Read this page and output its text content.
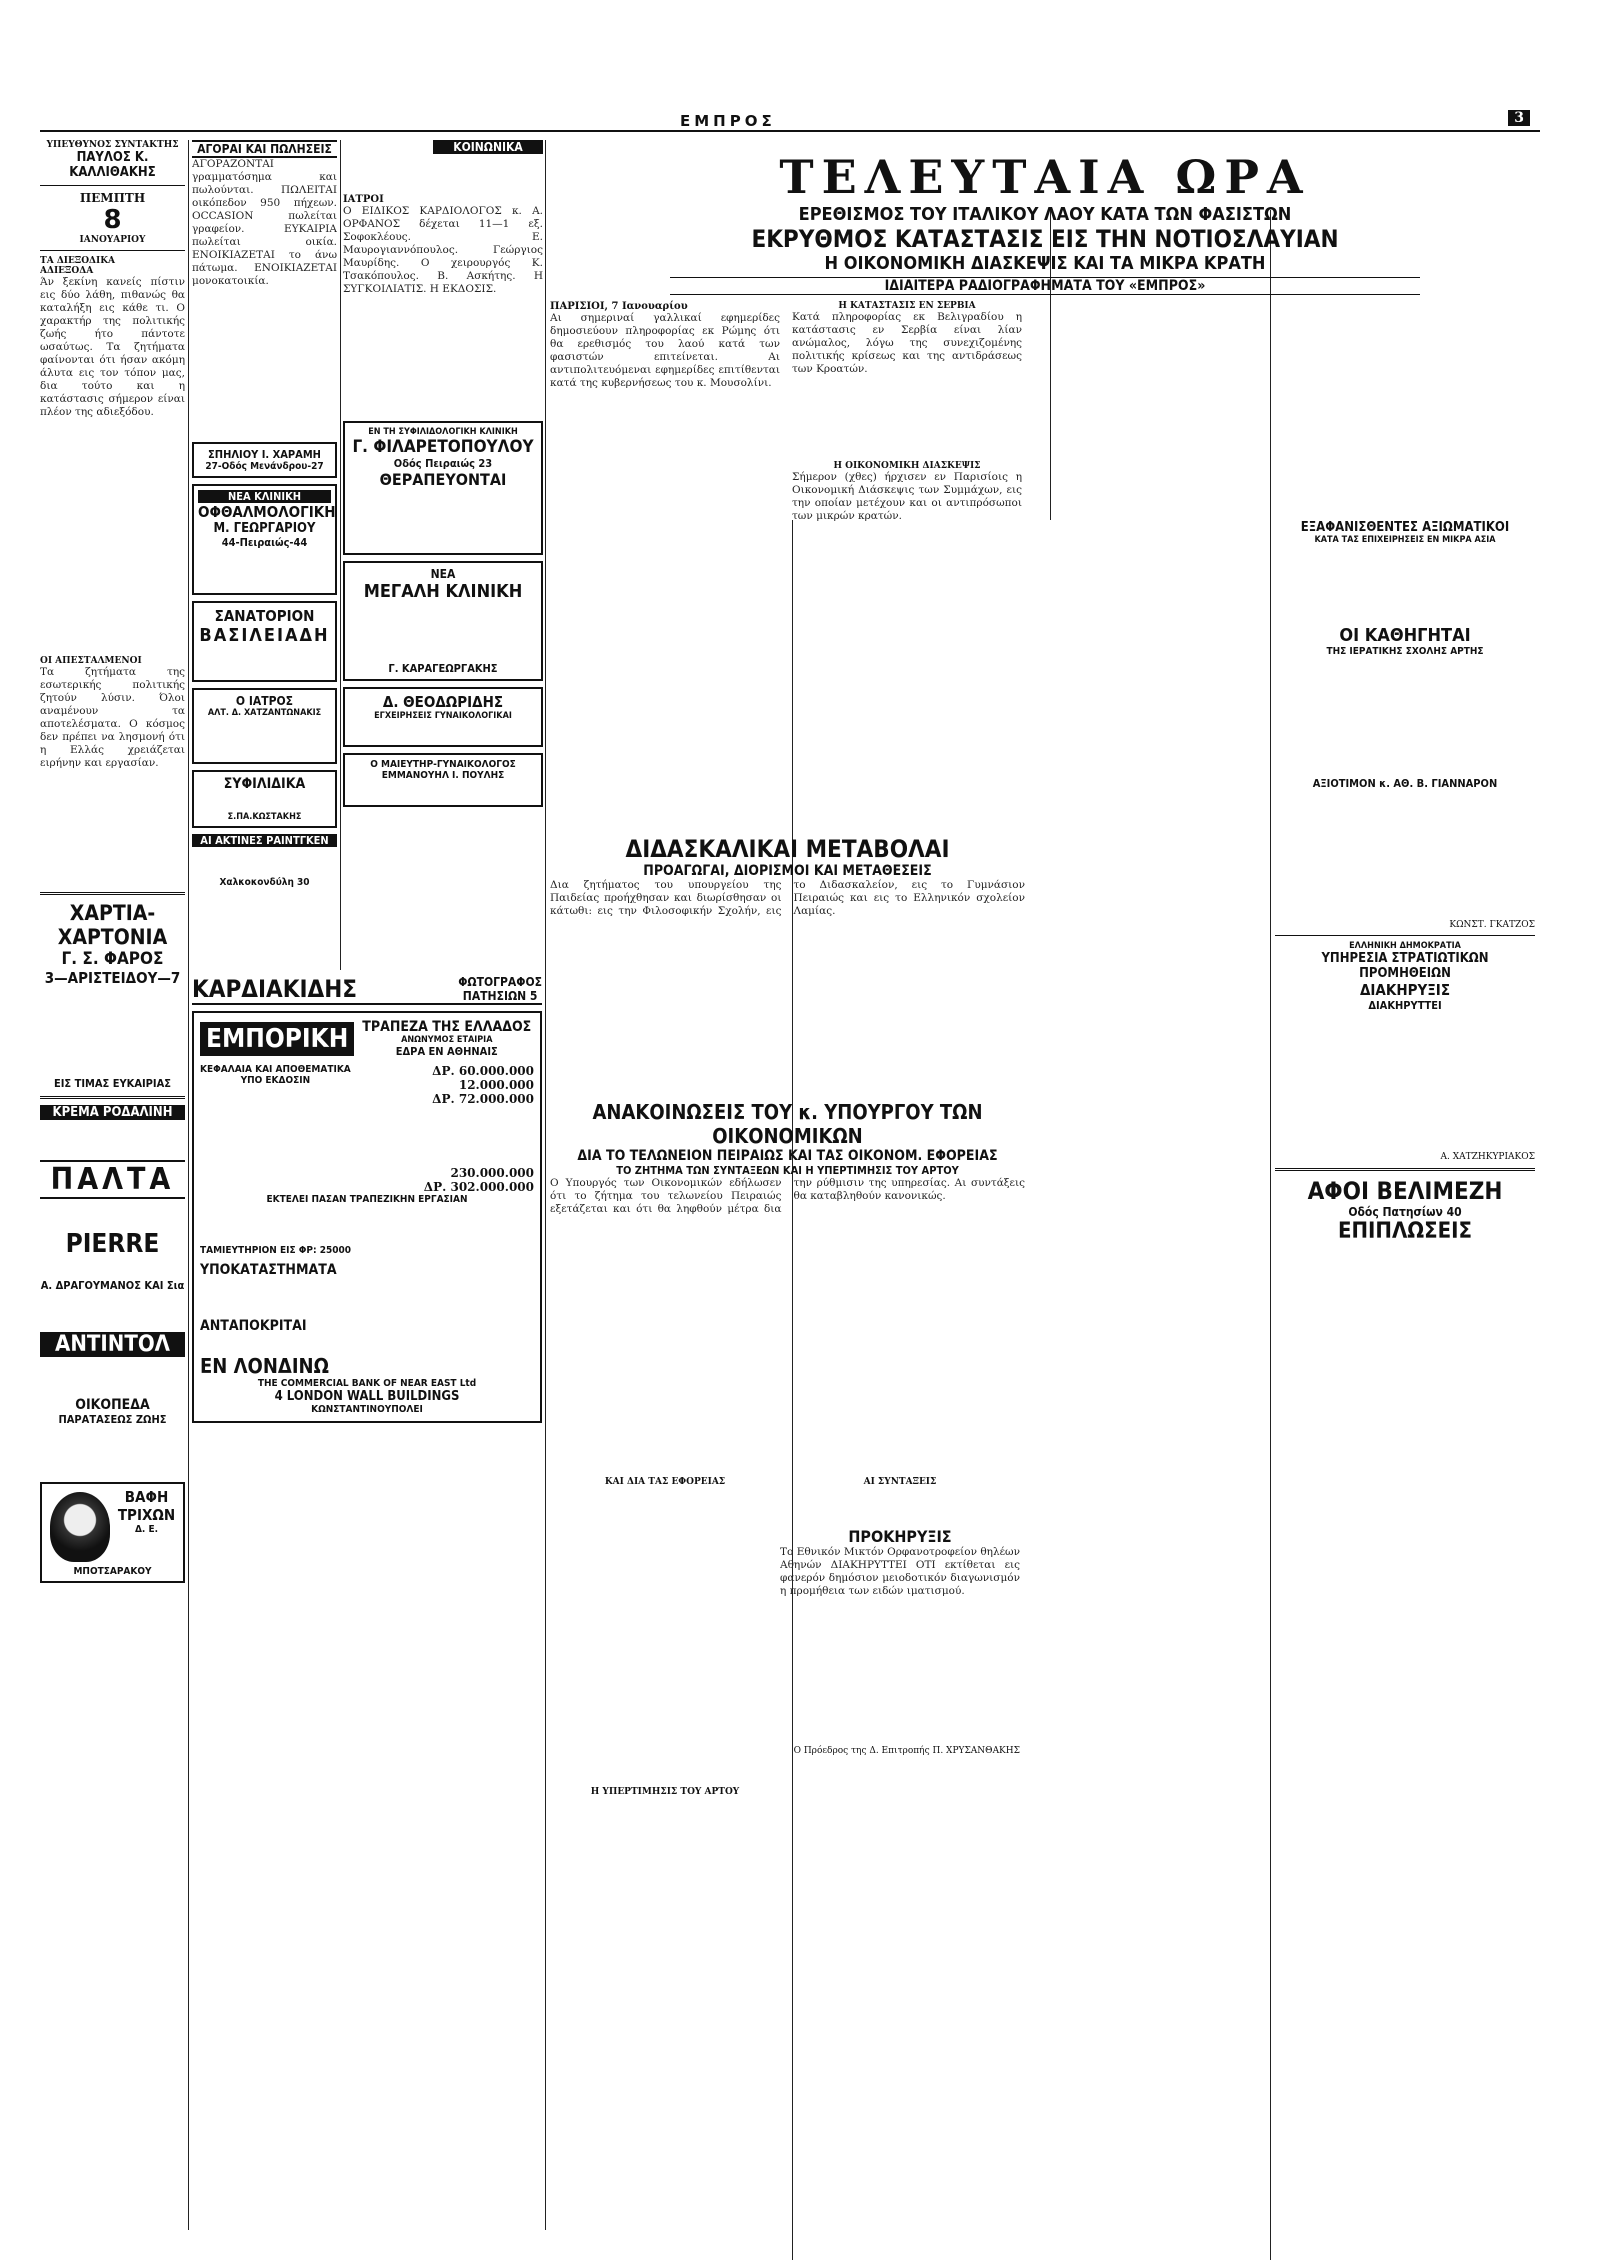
ΕΜΠΡΟΣ	3
ΥΠΕΥΘΥΝΟΣ ΣΥΝΤΑΚΤΗΣ
ΠΑΥΛΟΣ Κ. ΚΑΛΛΙΘΑΚΗΣ
ΠΕΜΠΤΗ
8
ΙΑΝΟΥΑΡΙΟΥ
ΤΑ ΔΙΕΞΟΔΙΚΑ
ΑΔΙΕΞΟΔΑ
Άν ξεκίνη κανείς πίστιν εις δύο λάθη, πιθανώς θα καταλήξη εις κάθε τι. Ο χαρακτήρ της πολιτικής ζωής ήτο πάντοτε ωσαύτως. Τα ζητήματα φαίνονται ότι ήσαν ακόμη άλυτα εις τον τόπον μας, δια τούτο και η κατάστασις σήμερον είναι πλέον της αδιεξόδου.
ΟΙ ΑΠΕΣΤΑΛΜΕΝΟΙ
Τα ζητήματα της εσωτερικής πολιτικής ζητούν λύσιν. Όλοι αναμένουν τα αποτελέσματα. Ο κόσμος δεν πρέπει να λησμονή ότι η Ελλάς χρειάζεται ειρήνην και εργασίαν.
ΧΑΡΤΙΑ-ΧΑΡΤΟΝΙΑ
Γ. Σ. ΦΑΡΟΣ
3—ΑΡΙΣΤΕΙΔΟΥ—7
ΕΙΣ ΤΙΜΑΣ ΕΥΚΑΙΡΙΑΣ
ΚΡΕΜΑ ΡΟΔΑΛΙΝΗ
ΠΑΛΤΑ
PIERRE
Α. ΔΡΑΓΟΥΜΑΝΟΣ ΚΑΙ Σια
ΑΝΤΙΝΤΟΛ
ΟΙΚΟΠΕΔΑ
ΠΑΡΑΤΑΣΕΩΣ ΖΩΗΣ
ΒΑΦΗ ΤΡΙΧΩΝ
Δ. Ε. ΜΠΟΤΣΑΡΑΚΟΥ
ΑΓΟΡΑΙ ΚΑΙ ΠΩΛΗΣΕΙΣ
ΑΓΟΡΑΖΟΝΤΑΙ γραμματόσημα και πωλούνται. ΠΩΛΕΙΤΑΙ οικόπεδον 950 πήχεων. OCCASION πωλείται γραφείον. ΕΥΚΑΙΡΙΑ πωλείται οικία. ΕΝΟΙΚΙΑΖΕΤΑΙ το άνω πάτωμα. ΕΝΟΙΚΙΑΖΕΤΑΙ μονοκατοικία.
ΣΠΗΛΙΟΥ Ι. ΧΑΡΑΜΗ
27-Οδός Μενάνδρου-27
ΝΕΑ ΚΛΙΝΙΚΗ
ΟΦΘΑΛΜΟΛΟΓΙΚΗ
Μ. ΓΕΩΡΓΑΡΙΟΥ
44-Πειραιώς-44
ΣΑΝΑΤΟΡΙΟΝ
ΒΑΣΙΛΕΙΑΔΗ
Ο ΙΑΤΡΟΣ
ΑΛΤ. Δ. ΧΑΤΖΑΝΤΩΝΑΚΙΣ
ΣΥΦΙΛΙΔΙΚΑ
Σ.ΠΑ.ΚΩΣΤΑΚΗΣ
ΑΙ ΑΚΤΙΝΕΣ ΡΑΙΝΤΓΚΕΝ
Χαλκοκονδύλη 30
ΚΟΙΝΩΝΙΚΑ
ΙΑΤΡΟΙ
Ο ΕΙΔΙΚΟΣ ΚΑΡΔΙΟΛΟΓΟΣ κ. Α. ΟΡΦΑΝΟΣ δέχεται 11—1 εξ. Σοφοκλέους. Ε. Μαυρογιαννόπουλος. Γεώργιος Μαυρίδης. Ο χειρουργός Κ. Τσακόπουλος. Β. Ασκήτης. Η ΣΥΓΚΟΙΛΙΑΤΙΣ. Η ΕΚΔΟΣΙΣ.
ΕΝ ΤΗ ΣΥΦΙΛΙΔΟΛΟΓΙΚΗ ΚΛΙΝΙΚΗ
Γ. ΦΙΛΑΡΕΤΟΠΟΥΛΟΥ
Οδός Πειραιώς 23
ΘΕΡΑΠΕΥΟΝΤΑΙ
ΝΕΑ
ΜΕΓΑΛΗ ΚΛΙΝΙΚΗ
Γ. ΚΑΡΑΓΕΩΡΓΑΚΗΣ
Δ. ΘΕΟΔΩΡΙΔΗΣ
ΕΓΧΕΙΡΗΣΕΙΣ ΓΥΝΑΙΚΟΛΟΓΙΚΑΙ
Ο ΜΑΙΕΥΤΗΡ-ΓΥΝΑΙΚΟΛΟΓΟΣ
ΕΜΜΑΝΟΥΗΛ Ι. ΠΟΥΛΗΣ
ΚΑΡΔΙΑΚΙΔΗΣ	ΦΩΤΟΓΡΑΦΟΣ
ΠΑΤΗΣΙΩΝ 5
ΕΜΠΟΡΙΚΗ	ΤΡΑΠΕΖΑ ΤΗΣ ΕΛΛΑΔΟΣ
ΑΝΩΝΥΜΟΣ ΕΤΑΙΡΙΑ
ΕΔΡΑ ΕΝ ΑΘΗΝΑΙΣ
ΚΕΦΑΛΑΙΑ ΚΑΙ ΑΠΟΘΕΜΑΤΙΚΑ
ΥΠΟ ΕΚΔΟΣΙΝ
ΔΡ. 60.000.000
12.000.000
ΔΡ. 72.000.000
230.000.000
ΔΡ. 302.000.000
ΕΚΤΕΛΕΙ ΠΑΣΑΝ ΤΡΑΠΕΖΙΚΗΝ ΕΡΓΑΣΙΑΝ
ΤΑΜΙΕΥΤΗΡΙΟΝ ΕΙΣ ΦΡ: 25000
ΥΠΟΚΑΤΑΣΤΗΜΑΤΑ
ΑΝΤΑΠΟΚΡΙΤΑΙ
ΕΝ ΛΟΝΔΙΝΩ
THE COMMERCIAL BANK OF NEAR EAST Ltd
4 LONDON WALL BUILDINGS
ΚΩΝΣΤΑΝΤΙΝΟΥΠΟΛΕΙ
ΤΕΛΕΥΤΑΙΑ ΩΡΑ
ΕΡΕΘΙΣΜΟΣ ΤΟΥ ΙΤΑΛΙΚΟΥ ΛΑΟΥ ΚΑΤΑ ΤΩΝ ΦΑΣΙΣΤΩΝ
ΕΚΡΥΘΜΟΣ ΚΑΤΑΣΤΑΣΙΣ ΕΙΣ ΤΗΝ ΝΟΤΙΟΣΛΑΥΙΑΝ
Η ΟΙΚΟΝΟΜΙΚΗ ΔΙΑΣΚΕΨΙΣ ΚΑΙ ΤΑ ΜΙΚΡΑ ΚΡΑΤΗ
ΙΔΙΑΙΤΕΡΑ ΡΑΔΙΟΓΡΑΦΗΜΑΤΑ ΤΟΥ «ΕΜΠΡΟΣ»
ΠΑΡΙΣΙΟΙ, 7 Ιανουαρίου
Αι σημεριναί γαλλικαί εφημερίδες δημοσιεύουν πληροφορίας εκ Ρώμης ότι θα ερεθισμός του λαού κατά των φασιστών επιτείνεται. Αι αντιπολιτευόμεναι εφημερίδες επιτίθενται κατά της κυβερνήσεως του κ. Μουσολίνι.
Η ΚΑΤΑΣΤΑΣΙΣ ΕΝ ΣΕΡΒΙΑ
Κατά πληροφορίας εκ Βελιγραδίου η κατάστασις εν Σερβία είναι λίαν ανώμαλος, λόγω της συνεχιζομένης πολιτικής κρίσεως και της αντιδράσεως των Κροατών.
Η ΟΙΚΟΝΟΜΙΚΗ ΔΙΑΣΚΕΨΙΣ
Σήμερον (χθες) ήρχισεν εν Παρισίοις η Οικονομική Διάσκεψις των Συμμάχων, εις την οποίαν μετέχουν και οι αντιπρόσωποι των μικρών κρατών.
ΔΙΔΑΣΚΑΛΙΚΑΙ ΜΕΤΑΒΟΛΑΙ
ΠΡΟΑΓΩΓΑΙ, ΔΙΟΡΙΣΜΟΙ ΚΑΙ ΜΕΤΑΘΕΣΕΙΣ
Δια ζητήματος του υπουργείου της Παιδείας προήχθησαν και διωρίσθησαν οι κάτωθι: εις την Φιλοσοφικήν Σχολήν, εις το Διδασκαλείον, εις το Γυμνάσιον Πειραιώς και εις το Ελληνικόν σχολείον Λαμίας.
ΑΝΑΚΟΙΝΩΣΕΙΣ ΤΟΥ κ. ΥΠΟΥΡΓΟΥ ΤΩΝ ΟΙΚΟΝΟΜΙΚΩΝ
ΔΙΑ ΤΟ ΤΕΛΩΝΕΙΟΝ ΠΕΙΡΑΙΩΣ ΚΑΙ ΤΑΣ ΟΙΚΟΝΟΜ. ΕΦΟΡΕΙΑΣ
ΤΟ ΖΗΤΗΜΑ ΤΩΝ ΣΥΝΤΑΞΕΩΝ ΚΑΙ Η ΥΠΕΡΤΙΜΗΣΙΣ ΤΟΥ ΑΡΤΟΥ
Ο Υπουργός των Οικονομικών εδήλωσεν ότι το ζήτημα του τελωνείου Πειραιώς εξετάζεται και ότι θα ληφθούν μέτρα δια την ρύθμισιν της υπηρεσίας. Αι συντάξεις θα καταβληθούν κανονικώς.
ΚΑΙ ΔΙΑ ΤΑΣ ΕΦΟΡΕΙΑΣ
Η ΥΠΕΡΤΙΜΗΣΙΣ ΤΟΥ ΑΡΤΟΥ
ΑΙ ΣΥΝΤΑΞΕΙΣ
ΠΡΟΚΗΡΥΞΙΣ
Το Εθνικόν Μικτόν Ορφανοτροφείον θηλέων Αθηνών ΔΙΑΚΗΡΥΤΤΕΙ ΟΤΙ εκτίθεται εις φανερόν δημόσιον μειοδοτικόν διαγωνισμόν η προμήθεια των ειδών ιματισμού.
Ο Πρόεδρος της Δ. Επιτροπής Π. ΧΡΥΣΑΝΘΑΚΗΣ
ΕΞΑΦΑΝΙΣΘΕΝΤΕΣ ΑΞΙΩΜΑΤΙΚΟΙ
ΚΑΤΑ ΤΑΣ ΕΠΙΧΕΙΡΗΣΕΙΣ ΕΝ ΜΙΚΡΑ ΑΣΙΑ
ΟΙ ΚΑΘΗΓΗΤΑΙ
ΤΗΣ ΙΕΡΑΤΙΚΗΣ ΣΧΟΛΗΣ ΑΡΤΗΣ
ΑΞΙΟΤΙΜΟΝ κ. ΑΘ. Β. ΓΙΑΝΝΑΡΟΝ
ΚΩΝΣΤ. ΓΚΑΤΖΟΣ
ΕΛΛΗΝΙΚΗ ΔΗΜΟΚΡΑΤΙΑ
ΥΠΗΡΕΣΙΑ ΣΤΡΑΤΙΩΤΙΚΩΝ ΠΡΟΜΗΘΕΙΩΝ
ΔΙΑΚΗΡΥΞΙΣ
ΔΙΑΚΗΡΥΤΤΕΙ
Α. ΧΑΤΖΗΚΥΡΙΑΚΟΣ
ΑΦΟΙ ΒΕΛΙΜΕΖΗ
Οδός Πατησίων 40
ΕΠΙΠΛΩΣΕΙΣ
